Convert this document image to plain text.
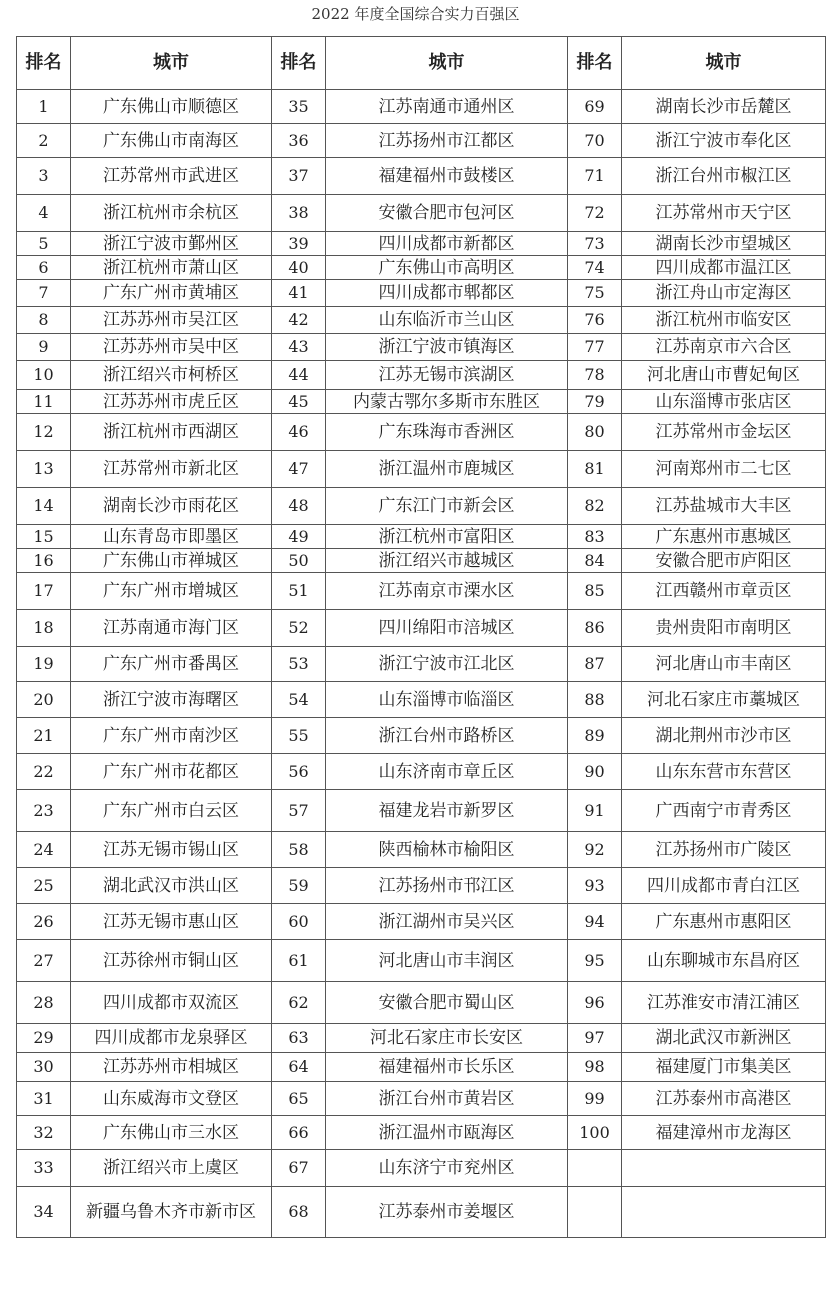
2022 年度全国综合实力百强区
排名	城市	排名	城市	排名	城市
1	广东佛山市顺德区	35	江苏南通市通州区	69	湖南长沙市岳麓区
2	广东佛山市南海区	36	江苏扬州市江都区	70	浙江宁波市奉化区
3	江苏常州市武进区	37	福建福州市鼓楼区	71	浙江台州市椒江区
4	浙江杭州市余杭区	38	安徽合肥市包河区	72	江苏常州市天宁区
5	浙江宁波市鄞州区	39	四川成都市新都区	73	湖南长沙市望城区
6	浙江杭州市萧山区	40	广东佛山市高明区	74	四川成都市温江区
7	广东广州市黄埔区	41	四川成都市郫都区	75	浙江舟山市定海区
8	江苏苏州市吴江区	42	山东临沂市兰山区	76	浙江杭州市临安区
9	江苏苏州市吴中区	43	浙江宁波市镇海区	77	江苏南京市六合区
10	浙江绍兴市柯桥区	44	江苏无锡市滨湖区	78	河北唐山市曹妃甸区
11	江苏苏州市虎丘区	45	内蒙古鄂尔多斯市东胜区	79	山东淄博市张店区
12	浙江杭州市西湖区	46	广东珠海市香洲区	80	江苏常州市金坛区
13	江苏常州市新北区	47	浙江温州市鹿城区	81	河南郑州市二七区
14	湖南长沙市雨花区	48	广东江门市新会区	82	江苏盐城市大丰区
15	山东青岛市即墨区	49	浙江杭州市富阳区	83	广东惠州市惠城区
16	广东佛山市禅城区	50	浙江绍兴市越城区	84	安徽合肥市庐阳区
17	广东广州市增城区	51	江苏南京市溧水区	85	江西赣州市章贡区
18	江苏南通市海门区	52	四川绵阳市涪城区	86	贵州贵阳市南明区
19	广东广州市番禺区	53	浙江宁波市江北区	87	河北唐山市丰南区
20	浙江宁波市海曙区	54	山东淄博市临淄区	88	河北石家庄市藁城区
21	广东广州市南沙区	55	浙江台州市路桥区	89	湖北荆州市沙市区
22	广东广州市花都区	56	山东济南市章丘区	90	山东东营市东营区
23	广东广州市白云区	57	福建龙岩市新罗区	91	广西南宁市青秀区
24	江苏无锡市锡山区	58	陕西榆林市榆阳区	92	江苏扬州市广陵区
25	湖北武汉市洪山区	59	江苏扬州市邗江区	93	四川成都市青白江区
26	江苏无锡市惠山区	60	浙江湖州市吴兴区	94	广东惠州市惠阳区
27	江苏徐州市铜山区	61	河北唐山市丰润区	95	山东聊城市东昌府区
28	四川成都市双流区	62	安徽合肥市蜀山区	96	江苏淮安市清江浦区
29	四川成都市龙泉驿区	63	河北石家庄市长安区	97	湖北武汉市新洲区
30	江苏苏州市相城区	64	福建福州市长乐区	98	福建厦门市集美区
31	山东威海市文登区	65	浙江台州市黄岩区	99	江苏泰州市高港区
32	广东佛山市三水区	66	浙江温州市瓯海区	100	福建漳州市龙海区
33	浙江绍兴市上虞区	67	山东济宁市兖州区		
34	新疆乌鲁木齐市新市区	68	江苏泰州市姜堰区		
